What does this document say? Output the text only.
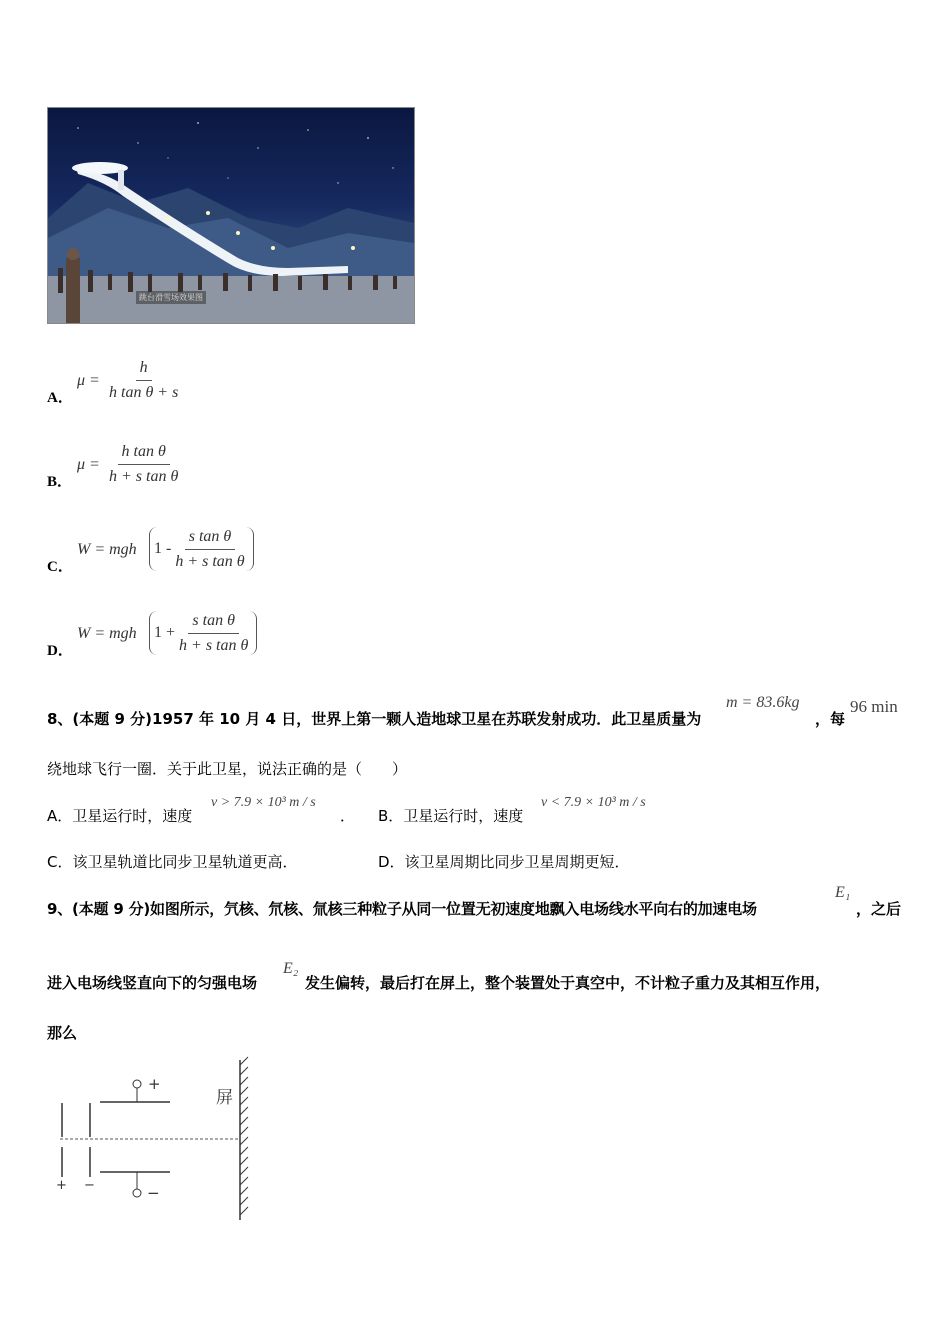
跳台滑雪场效果图
A．
$\mu = \frac{h}{\text{h tan θ + s}}$
B．
$\mu = \frac{\text{h tan θ}}{\text{h + s tan θ}}$
C．
W = mgh $1 - \frac{\text{s tan θ}}{\text{h + s tan θ}}$
D．
W = mgh $1 + \frac{\text{s tan θ}}{\text{h + s tan θ}}$
8、(本题 9 分)1957 年 10 月 4 日，世界上第一颗人造地球卫星在苏联发射成功．此卫星质量为
m = 83.6kg
，每
96 min
绕地球飞行一圈．关于此卫星，说法正确的是（　　）
A．卫星运行时，速度
v > 7.9 × 10³ m / s
． B．卫星运行时，速度
v < 7.9 × 10³ m / s
C．该卫星轨道比同步卫星轨道更高．	D．该卫星周期比同步卫星周期更短．
9、(本题 9 分)如图所示，氕核、氘核、氚核三种粒子从同一位置无初速度地飘入电场线水平向右的加速电场
E₁
，之后
进入电场线竖直向下的匀强电场
E₂
发生偏转，最后打在屏上，整个装置处于真空中，不计粒子重力及其相互作用，
那么
屏
+
−
+ −
